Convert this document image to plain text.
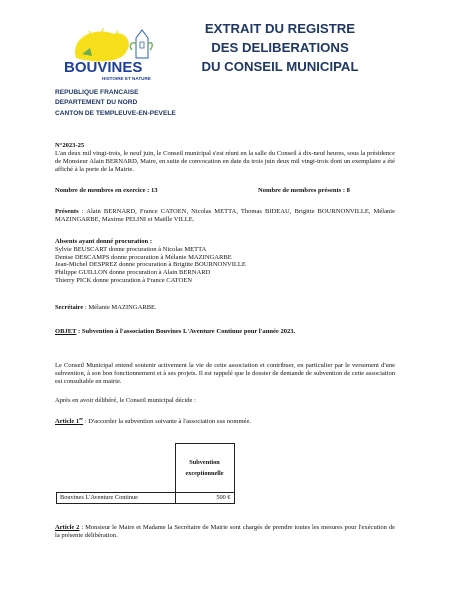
BOUVINES
HISTOIRE ET NATURE
EXTRAIT DU REGISTRE
DES DELIBERATIONS
DU CONSEIL MUNICIPAL
REPUBLIQUE FRANCAISE
DEPARTEMENT DU NORD
CANTON DE TEMPLEUVE-EN-PEVELE
N°2023-25
L'an deux mil vingt-trois, le neuf juin, le Conseil municipal s'est réuni en la salle du Conseil à dix-neuf heures, sous la présidence de Monsieur Alain BERNARD, Maire, en suite de convocation en date du trois juin deux mil vingt-trois dont un exemplaire a été affiché à la porte de la Mairie.
Nombre de membres en exercice : 13	Nombre de membres présents : 8
Présents : Alain BERNARD, France CATOEN, Nicolas METTA, Thomas BIDEAU, Brigitte BOURNONVILLE, Mélanie MAZINGARBE, Maxime PELINI et Maëlle VILLE.
Absents ayant donné procuration :
Sylvie BEUSCART donne procuration à Nicolas METTA
Denise DESCAMPS donne procuration à Mélanie MAZINGARBE
Jean-Michel DESPREZ donne procuration à Brigitte BOURNONVILLE
Philippe GUILLON donne procuration à Alain BERNARD
Thierry PICK donne procuration à France CATOEN
Secrétaire : Mélanie MAZINGARBE.
OBJET : Subvention à l'association Bouvines L'Aventure Continue pour l'année 2023.
Le Conseil Municipal entend soutenir activement la vie de cette association et contribuer, en particulier par le versement d'une subvention, à son bon fonctionnement et à ses projets. Il est rappelé que le dossier de demande de subvention de cette association est consultable en mairie.
Après en avoir délibéré, le Conseil municipal décide :
Article 1er : D'accorder la subvention suivante à l'association sus nommée.

	Subvention
exceptionnelle

Bouvines L'Aventure Continue	500 €
Article 2 : Monsieur le Maire et Madame la Secrétaire de Mairie sont chargés de prendre toutes les mesures pour l'exécution de la présente délibération.
